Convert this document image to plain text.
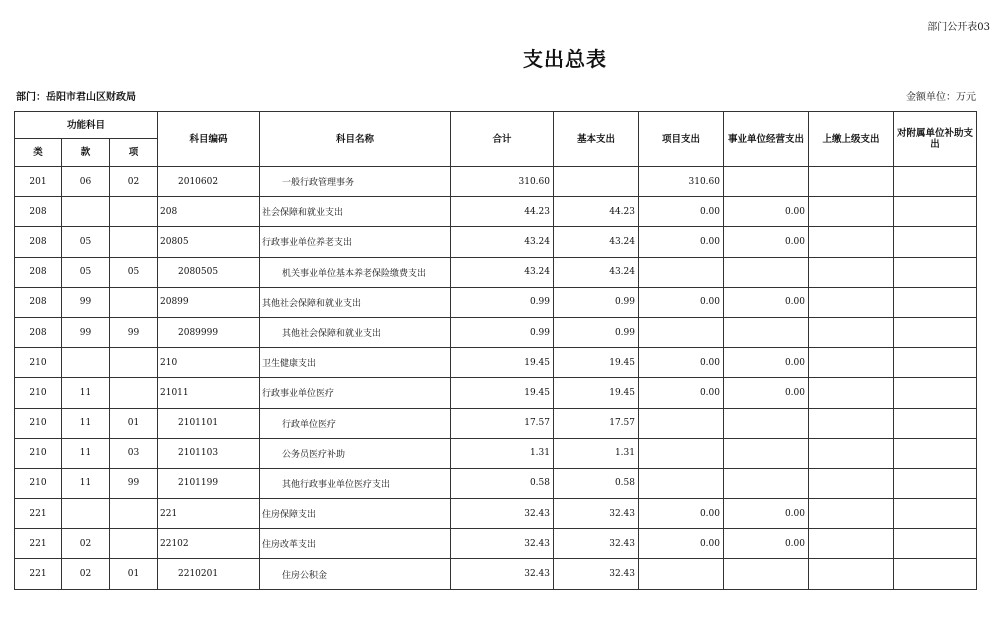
部门公开表03
支出总表
部门：岳阳市君山区财政局	金额单位：万元
功能科目			科目编码	科目名称	合计	基本支出	项目支出	事业单位经营支出	上缴上级支出	对附属单位补助支出
类	款	项								
201	06	02	2010602	一般行政管理事务	310.60		310.60			
208			208	社会保障和就业支出	44.23	44.23	0.00	0.00		
208	05		20805	行政事业单位养老支出	43.24	43.24	0.00	0.00		
208	05	05	2080505	机关事业单位基本养老保险缴费支出	43.24	43.24				
208	99		20899	其他社会保障和就业支出	0.99	0.99	0.00	0.00		
208	99	99	2089999	其他社会保障和就业支出	0.99	0.99				
210			210	卫生健康支出	19.45	19.45	0.00	0.00		
210	11		21011	行政事业单位医疗	19.45	19.45	0.00	0.00		
210	11	01	2101101	行政单位医疗	17.57	17.57				
210	11	03	2101103	公务员医疗补助	1.31	1.31				
210	11	99	2101199	其他行政事业单位医疗支出	0.58	0.58				
221			221	住房保障支出	32.43	32.43	0.00	0.00		
221	02		22102	住房改革支出	32.43	32.43	0.00	0.00		
221	02	01	2210201	住房公积金	32.43	32.43				
